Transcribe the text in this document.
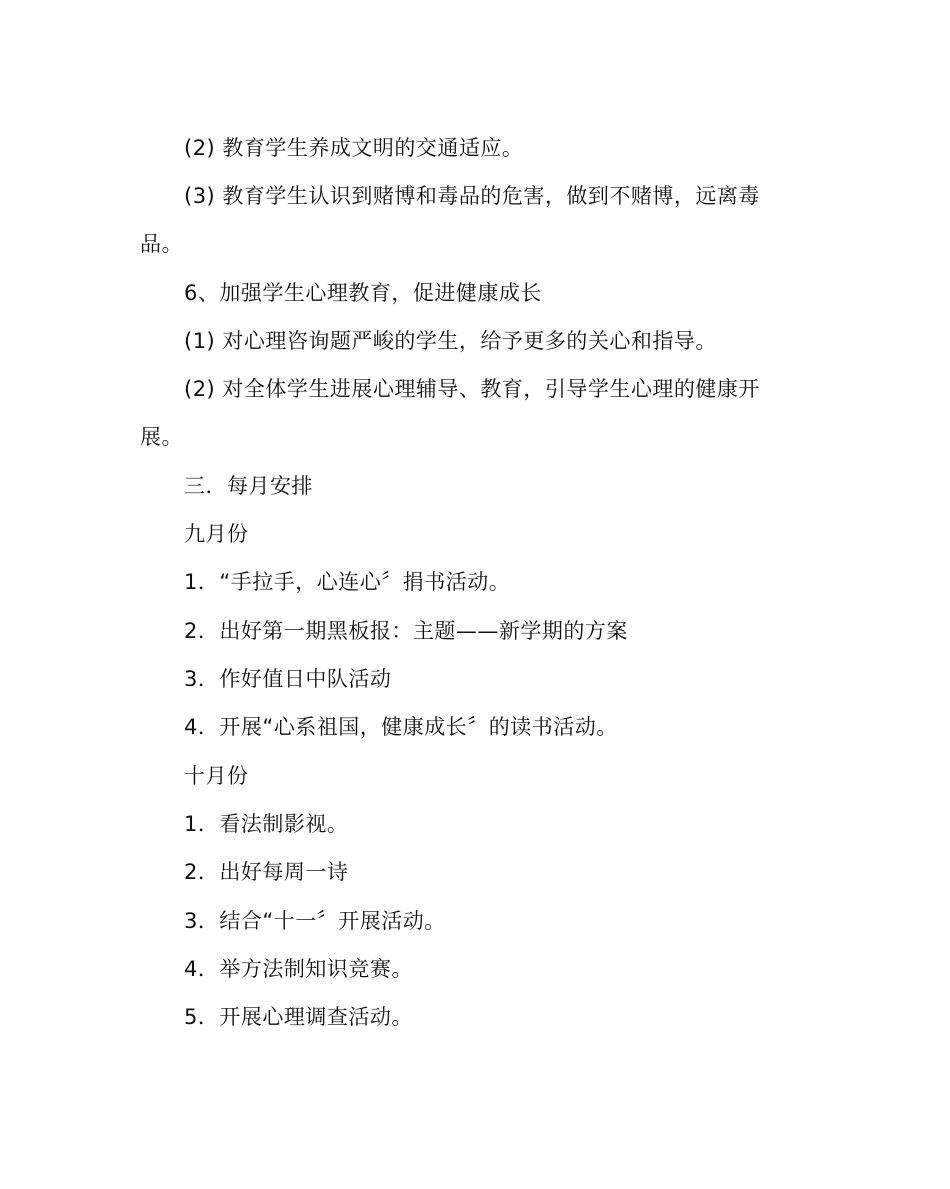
(2) 教育学生养成文明的交通适应。
(3) 教育学生认识到赌博和毒品的危害，做到不赌博，远离毒
品。
6、加强学生心理教育，促进健康成长
(1) 对心理咨询题严峻的学生，给予更多的关心和指导。
(2) 对全体学生进展心理辅导、教育，引导学生心理的健康开
展。
三．每月安排
九月份
1．“手拉手，心连心〞捐书活动。
2．出好第一期黑板报：主题——新学期的方案
3．作好值日中队活动
4．开展“心系祖国，健康成长〞的读书活动。
十月份
1．看法制影视。
2．出好每周一诗
3．结合“十一〞开展活动。
4．举方法制知识竞赛。
5．开展心理调查活动。
